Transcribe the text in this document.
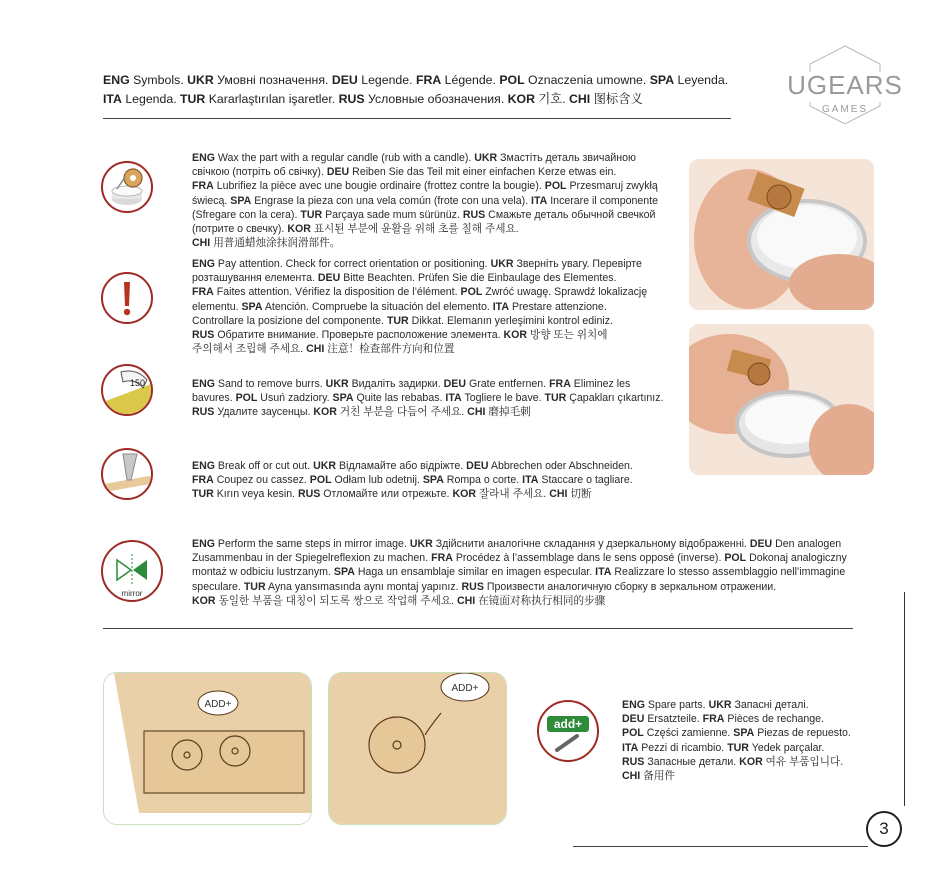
ENG Symbols. UKR Умовні позначення. DEU Legende. FRA Légende. POL Oznaczenia umowne. SPA Leyenda.
ITA Legenda. TUR Kararlaştırılan işaretler. RUS Условные обозначения. KOR 기호. CHI 图标含义	UGEARS
GAMES
150
mirror
ENG Wax the part with a regular candle (rub with a candle). UKR Змастіть деталь звичайною
свічкою (потріть об свічку). DEU Reiben Sie das Teil mit einer einfachen Kerze etwas ein.
FRA Lubrifiez la pièce avec une bougie ordinaire (frottez contre la bougie). POL Przesmaruj zwykłą
świecą. SPA Engrase la pieza con una vela común (frote con una vela). ITA Incerare il componente
(Sfregare con la cera). TUR Parçaya sade mum sürünüz. RUS Смажьте деталь обычной свечкой
(потрите о свечку). KOR 표시된 부분에 윤활을 위해 초를 칠해 주세요.
CHI 用普通蜡烛涂抹润滑部件。
ENG Pay attention. Check for correct orientation or positioning. UKR Зверніть увагу. Перевірте
розташування елемента. DEU Bitte Beachten. Prüfen Sie die Einbaulage des Elementes.
FRA Faites attention. Vérifiez la disposition de l’élément. POL Zwróć uwagę. Sprawdź lokalizację
elementu. SPA Atención. Compruebe la situación del elemento. ITA Prestare attenzione.
Controllare la posizione del componente. TUR Dikkat. Elemanın yerleşimini kontrol ediniz.
RUS Обратите внимание. Проверьте расположение элемента. KOR 방향 또는 위치에
주의해서 조립해 주세요. CHI 注意！检查部件方向和位置
ENG Sand to remove burrs. UKR Видаліть задирки. DEU Grate entfernen. FRA Eliminez les
bavures. POL Usuń zadziory. SPA Quite las rebabas. ITA Togliere le bave. TUR Çapakları çıkartınız.
RUS Удалите заусенцы. KOR 거친 부분을 다듬어 주세요. CHI 磨掉毛刺
ENG Break off or cut out. UKR Відламайте або відріжте. DEU Abbrechen oder Abschneiden.
FRA Coupez ou cassez. POL Odłam lub odetnij. SPA Rompa o corte. ITA Staccare o tagliare.
TUR Kırın veya kesin. RUS Отломайте или отрежьте. KOR 잘라내 주세요. CHI 切断
ENG Perform the same steps in mirror image. UKR Здійснити аналогічне складання у дзеркальному відображенні. DEU Den analogen
Zusammenbau in der Spiegelreflexion zu machen. FRA Procédez à l’assemblage dans le sens opposé (inverse). POL Dokonaj analogiczny
montaż w odbiciu lustrzanym. SPA Haga un ensamblaje similar en imagen especular. ITA Realizzare lo stesso assemblaggio nell’immagine
speculare. TUR Ayna yansımasında aynı montaj yapınız. RUS Произвести аналогичную сборку в зеркальном отражении.
KOR 동일한 부품을 대칭이 되도록 쌍으로 작업해 주세요. CHI 在镜面对称执行相同的步骤
ADD+
ADD+
add+
ENG Spare parts. UKR Запасні деталі.
DEU Ersatzteile. FRA Pièces de rechange.
POL Części zamienne. SPA Piezas de repuesto.
ITA Pezzi di ricambio. TUR Yedek parçalar.
RUS Запасные детали. KOR 여유 부품입니다.
CHI 备用件
3
